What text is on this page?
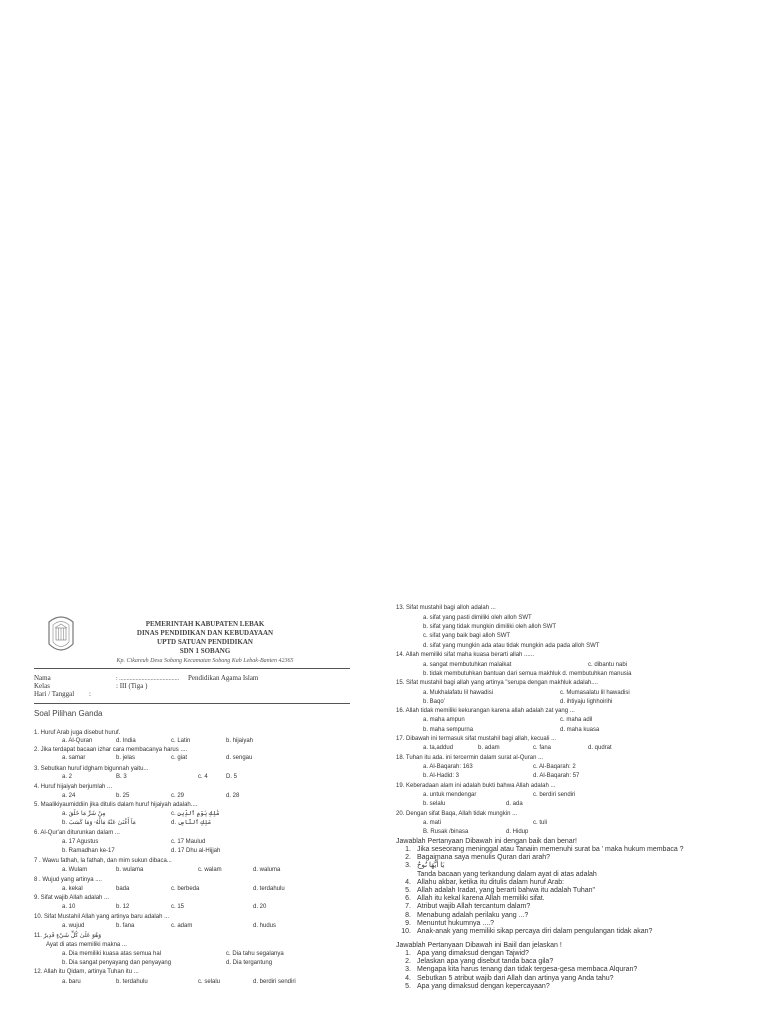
PEMERINTAH KABUPATEN LEBAK
DINAS PENDIDIKAN DAN KEBUDAYAAN
UPTD SATUAN PENDIDIKAN
SDN 1 SOBANG
Kp. Cikareuh Desa Sobang Kecamatan Sobang Kab Lebak-Banten 42365
Nama	: ........................................ Pendidikan Agama Islam
Kelas	: III (Tiga )
Hari / Tanggal :
Soal Pilihan Ganda
1. Huruf Arab juga disebut huruf.
a. Al-Quran	d. India	c. Latin	b. hijaiyah
2. Jika terdapat bacaan izhar cara membacanya harus ....
a. samar	b. jelas	c. giat	d. sengau
3. Sebutkan huruf idgham bigunnah yaitu...
a. 2	B. 3	c. 4	D. 5
4. Huruf hijaiyah berjumlah ...
a. 24	b. 25	c. 29	d. 28
5. Maalikiyaumiddiin jika ditulis dalam huruf hijaiyah adalah....
a. مِنْ شَرِّ مَا خَلَقَ	c. مَٰلِكِ يَوْمِ ٱلدِّينِ
b. مَآ أَغْنَىٰ عَنْهُ مَالُهُۥ وَمَا كَسَبَ	d. مَلِكِ ٱلنَّاسِ
6. Al-Qur'an diturunkan dalam ...
a. 17 Agustus	c. 17 Maulud
b. Ramadhan ke-17	d. 17 Dhu al-Hijjah
7 . Wawu fathah, la fathah, dan mim sukun dibaca...
a. Wulam	b. wulama	c. walam	d. waluma
8 . Wujud yang artinya ....
a. kekal	bada	c. berbeda	d. terdahulu
9. Sifat wajib Allah adalah ...
a. 10	b. 12	c. 15	d. 20
10. Sifat Mustahil Allah yang artinya baru adalah ...
a. wujud	b. fana	c. adam	d. hudus
11. وَهُوَ عَلَىٰ كُلِّ شَيْءٍ قَدِيرٌ
Ayat di atas memiliki makna ...
a. Dia memiliki kuasa atas semua hal	c. Dia tahu segalanya
b. Dia sangat penyayang dan penyayang	d. Dia tergantung
12. Allah itu Qidam, artinya Tuhan itu ...
a. baru	b. terdahulu	c. selalu	d. berdiri sendiri
13. Sifat mustahil bagi alloh adalah ...
a. sifat yang pasti dimiliki oleh alloh SWT
b. sifat yang tidak mungkin dimiliki oleh alloh SWT
c. sifat yang baik bagi alloh SWT
d. sifat yang mungkin ada atau tidak mungkin ada pada alloh SWT
14. Allah memiliki sifat maha kuasa berarti allah ......
a. sangat membutuhkan malaikat	c. dibantu nabi
b. tidak membutuhkan bantuan dari semua makhluk d. membutuhkan manusia
15. Sifat mustahil bagi allah yang artinya "serupa dengan makhluk adalah....
a. Mukhalafatu lil hawadisi	c. Mumasalatu lil hawadisi
b. Baqo'	d. ihtiyaju lighhoirihi
16. Allah tidak memiliki kekurangan karena allah adalah zat yang ...
a. maha ampun	c. maha adil
b. maha sempurna	d. maha kuasa
17. Dibawah ini termasuk sifat mustahil bagi allah, kecuali ...
a. ta,addud	b. adam	c. fana	d. qudrat
18. Tuhan itu ada. ini tercermin dalam surat al-Quran ...
a. Al-Baqarah: 163	c. Al-Baqarah: 2
b. Al-Hadid: 3	d. Al-Baqarah: 57
19. Keberadaan alam ini adalah bukti bahwa Allah adalah ...
a. untuk mendengar	c. berdiri sendiri
b. selalu	d. ada
20. Dengan sifat Baqa, Allah tidak mungkin ...
a. mati	c. tuli
B. Rusak /binasa	d. Hidup
Jawablah Pertanyaan Dibawah ini dengan baik dan benar!
1. Jika seseorang meninggal atau Tanaiin memenuhi surat ba ' maka hukum membaca ?
2. Bagaimana saya menulis Quran dari arah?
3. يَا أَيُّهَا نُوحٌ
Tanda bacaan yang terkandung dalam ayat di atas adalah
4. Allahu akbar, ketika itu ditulis dalam huruf Arab:
5. Allah adalah Iradat, yang berarti bahwa itu adalah Tuhan"
6. Allah itu kekal karena Allah memiliki sifat.
7. Atribut wajib Allah tercantum dalam?
8. Menabung adalah perilaku yang ...?
9. Menuntut hukumnya ....?
10. Anak-anak yang memiliki sikap percaya diri dalam pengulangan tidak akan?
Jawablah Pertanyaan Dibawah ini Baiil dan jelaskan !
1. Apa yang dimaksud dengan Tajwid?
2. Jelaskan apa yang disebut tanda baca gila?
3. Mengapa kita harus tenang dan tidak tergesa-gesa membaca Alquran?
4. Sebutkan 5 atribut wajib dari Allah dan artinya yang Anda tahu?
5. Apa yang dimaksud dengan kepercayaan?
